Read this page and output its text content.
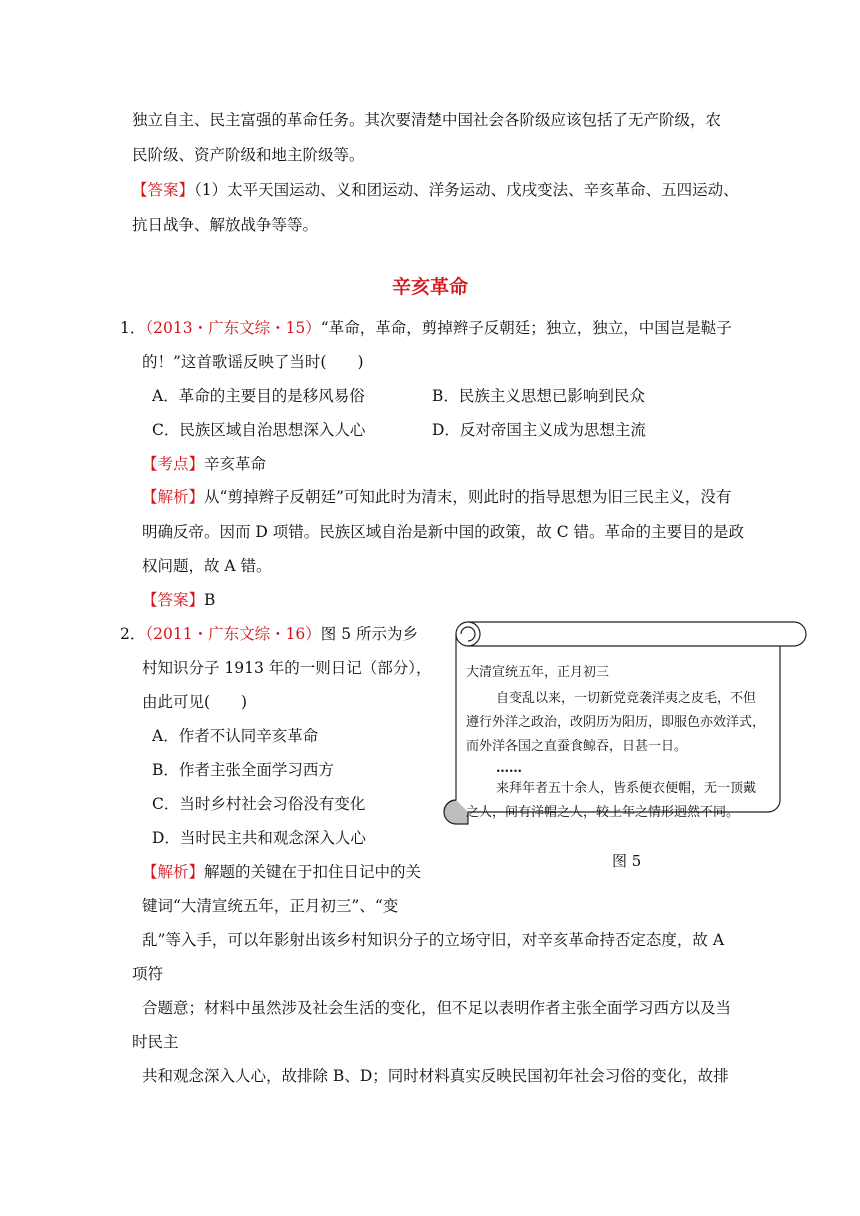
独立自主、民主富强的革命任务。其次要清楚中国社会各阶级应该包括了无产阶级，农
民阶级、资产阶级和地主阶级等。
【答案】（1）太平天国运动、义和团运动、洋务运动、戊戌变法、辛亥革命、五四运动、
抗日战争、解放战争等等。
辛亥革命
1．（2013・广东文综・15）“革命，革命，剪掉辫子反朝廷；独立，独立，中国岂是鞑子
的！”这首歌谣反映了当时(　　)
A．革命的主要目的是移风易俗	B．民族主义思想已影响到民众
C．民族区域自治思想深入人心	D．反对帝国主义成为思想主流
【考点】辛亥革命
【解析】从“剪掉辫子反朝廷”可知此时为清末，则此时的指导思想为旧三民主义，没有
明确反帝。因而 D 项错。民族区域自治是新中国的政策，故 C 错。革命的主要目的是政
权问题，故 A 错。
【答案】B
2．（2011・广东文综・16）图 5 所示为乡
村知识分子 1913 年的一则日记（部分），
由此可见(　　)
A．作者不认同辛亥革命
B．作者主张全面学习西方
C．当时乡村社会习俗没有变化
D．当时民主共和观念深入人心
【解析】解题的关键在于扣住日记中的关
键词“大清宣统五年，正月初三”、“变
乱”等入手，可以年影射出该乡村知识分子的立场守旧，对辛亥革命持否定态度，故 A
项符
合题意；材料中虽然涉及社会生活的变化，但不足以表明作者主张全面学习西方以及当
时民主
共和观念深入人心，故排除 B、D；同时材料真实反映民国初年社会习俗的变化，故排
大清宣统五年，正月初三
自变乱以来，一切新党竞袭洋夷之皮毛，不但
遵行外洋之政治，改阴历为阳历，即服色亦效洋式，
而外洋各国之直蚕食鲸吞，日甚一日。
……
来拜年者五十余人，皆系便衣便帽，无一顶戴
之人，间有洋帽之人，较上年之情形迥然不同。
图 5
